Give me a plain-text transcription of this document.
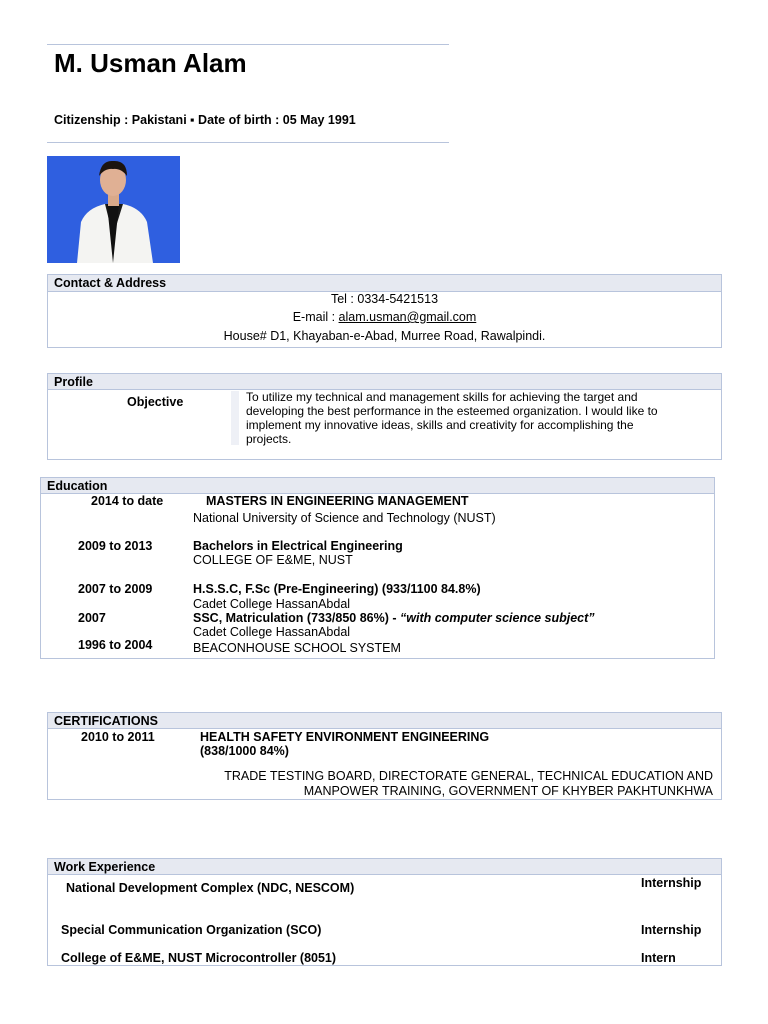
M. Usman Alam
Citizenship : Pakistani ▪ Date of birth : 05 May 1991
Contact & Address
Tel : 0334-5421513
E-mail : alam.usman@gmail.com
House# D1, Khayaban-e-Abad, Murree Road, Rawalpindi.
Profile
Objective	To utilize my technical and management skills for achieving the target and
developing the best performance in the esteemed organization. I would like to
implement my innovative ideas, skills and creativity for accomplishing the
projects.
Education
2014 to date	MASTERS IN ENGINEERING MANAGEMENT
National University of Science and Technology (NUST)
2009 to 2013	Bachelors in Electrical Engineering
COLLEGE OF E&ME, NUST
2007 to 2009	H.S.S.C, F.Sc (Pre-Engineering) (933/1100 84.8%)
Cadet College HassanAbdal
2007	SSC, Matriculation (733/850 86%) - “with computer science subject”
Cadet College HassanAbdal
1996 to 2004	BEACONHOUSE SCHOOL SYSTEM
CERTIFICATIONS
2010 to 2011	HEALTH SAFETY ENVIRONMENT ENGINEERING
(838/1000 84%)
TRADE TESTING BOARD, DIRECTORATE GENERAL, TECHNICAL EDUCATION AND
MANPOWER TRAINING, GOVERNMENT OF KHYBER PAKHTUNKHWA
Work Experience
National Development Complex (NDC, NESCOM)	Internship
Special Communication Organization (SCO)	Internship
College of E&ME, NUST Microcontroller (8051)	Intern
